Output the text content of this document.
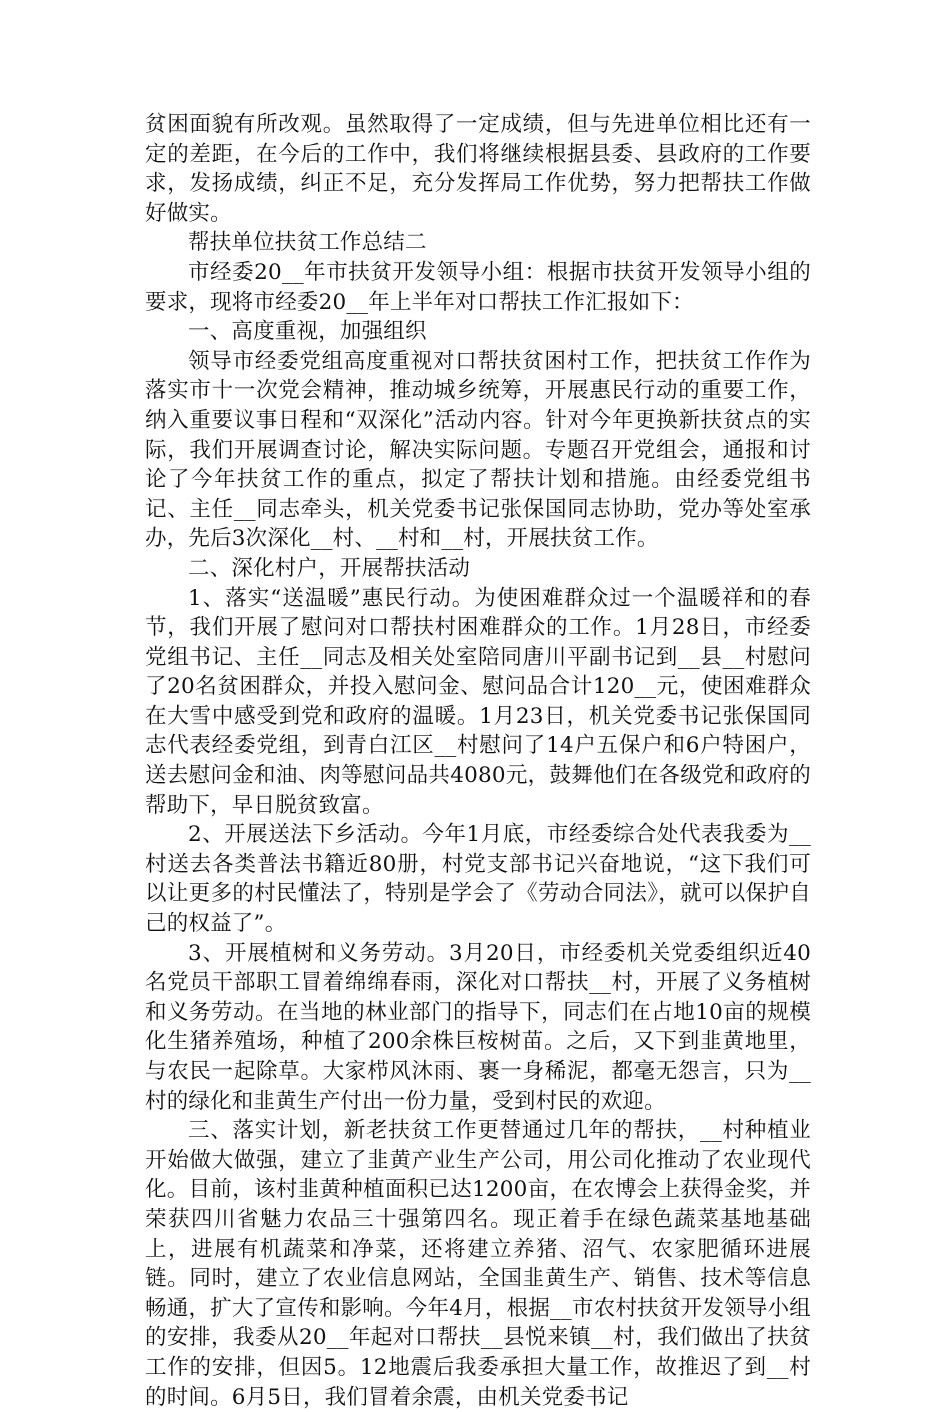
贫困面貌有所改观。虽然取得了一定成绩，但与先进单位相比还有一定的差距，在今后的工作中，我们将继续根据县委、县政府的工作要求，发扬成绩，纠正不足，充分发挥局工作优势，努力把帮扶工作做好做实。

帮扶单位扶贫工作总结二

市经委20__年市扶贫开发领导小组：根据市扶贫开发领导小组的要求，现将市经委20__年上半年对口帮扶工作汇报如下：

一、高度重视，加强组织

领导市经委党组高度重视对口帮扶贫困村工作，把扶贫工作作为落实市十一次党会精神，推动城乡统筹，开展惠民行动的重要工作，纳入重要议事日程和“双深化”活动内容。针对今年更换新扶贫点的实际，我们开展调查讨论，解决实际问题。专题召开党组会，通报和讨论了今年扶贫工作的重点，拟定了帮扶计划和措施。由经委党组书记、主任__同志牵头，机关党委书记张保国同志协助，党办等处室承办，先后3次深化__村、__村和__村，开展扶贫工作。

二、深化村户，开展帮扶活动

1、落实“送温暖”惠民行动。为使困难群众过一个温暖祥和的春节，我们开展了慰问对口帮扶村困难群众的工作。1月28日，市经委党组书记、主任__同志及相关处室陪同唐川平副书记到__县__村慰问了20名贫困群众，并投入慰问金、慰问品合计120__元，使困难群众在大雪中感受到党和政府的温暖。1月23日，机关党委书记张保国同志代表经委党组，到青白江区__村慰问了14户五保户和6户特困户，送去慰问金和油、肉等慰问品共4080元，鼓舞他们在各级党和政府的帮助下，早日脱贫致富。

2、开展送法下乡活动。今年1月底，市经委综合处代表我委为__村送去各类普法书籍近80册，村党支部书记兴奋地说，“这下我们可以让更多的村民懂法了，特别是学会了《劳动合同法》，就可以保护自己的权益了”。

3、开展植树和义务劳动。3月20日，市经委机关党委组织近40名党员干部职工冒着绵绵春雨，深化对口帮扶__村，开展了义务植树和义务劳动。在当地的林业部门的指导下，同志们在占地10亩的规模化生猪养殖场，种植了200余株巨桉树苗。之后，又下到韭黄地里，与农民一起除草。大家栉风沐雨、裹一身稀泥，都毫无怨言，只为__村的绿化和韭黄生产付出一份力量，受到村民的欢迎。

三、落实计划，新老扶贫工作更替通过几年的帮扶，__村种植业开始做大做强，建立了韭黄产业生产公司，用公司化推动了农业现代化。目前，该村韭黄种植面积已达1200亩，在农博会上获得金奖，并荣获四川省魅力农品三十强第四名。现正着手在绿色蔬菜基地基础上，进展有机蔬菜和净菜，还将建立养猪、沼气、农家肥循环进展链。同时，建立了农业信息网站，全国韭黄生产、销售、技术等信息畅通，扩大了宣传和影响。今年4月，根据__市农村扶贫开发领导小组的安排，我委从20__年起对口帮扶__县悦来镇__村，我们做出了扶贫工作的安排，但因5。12地震后我委承担大量工作，故推迟了到__村的时间。6月5日，我们冒着余震，由机关党委书记
